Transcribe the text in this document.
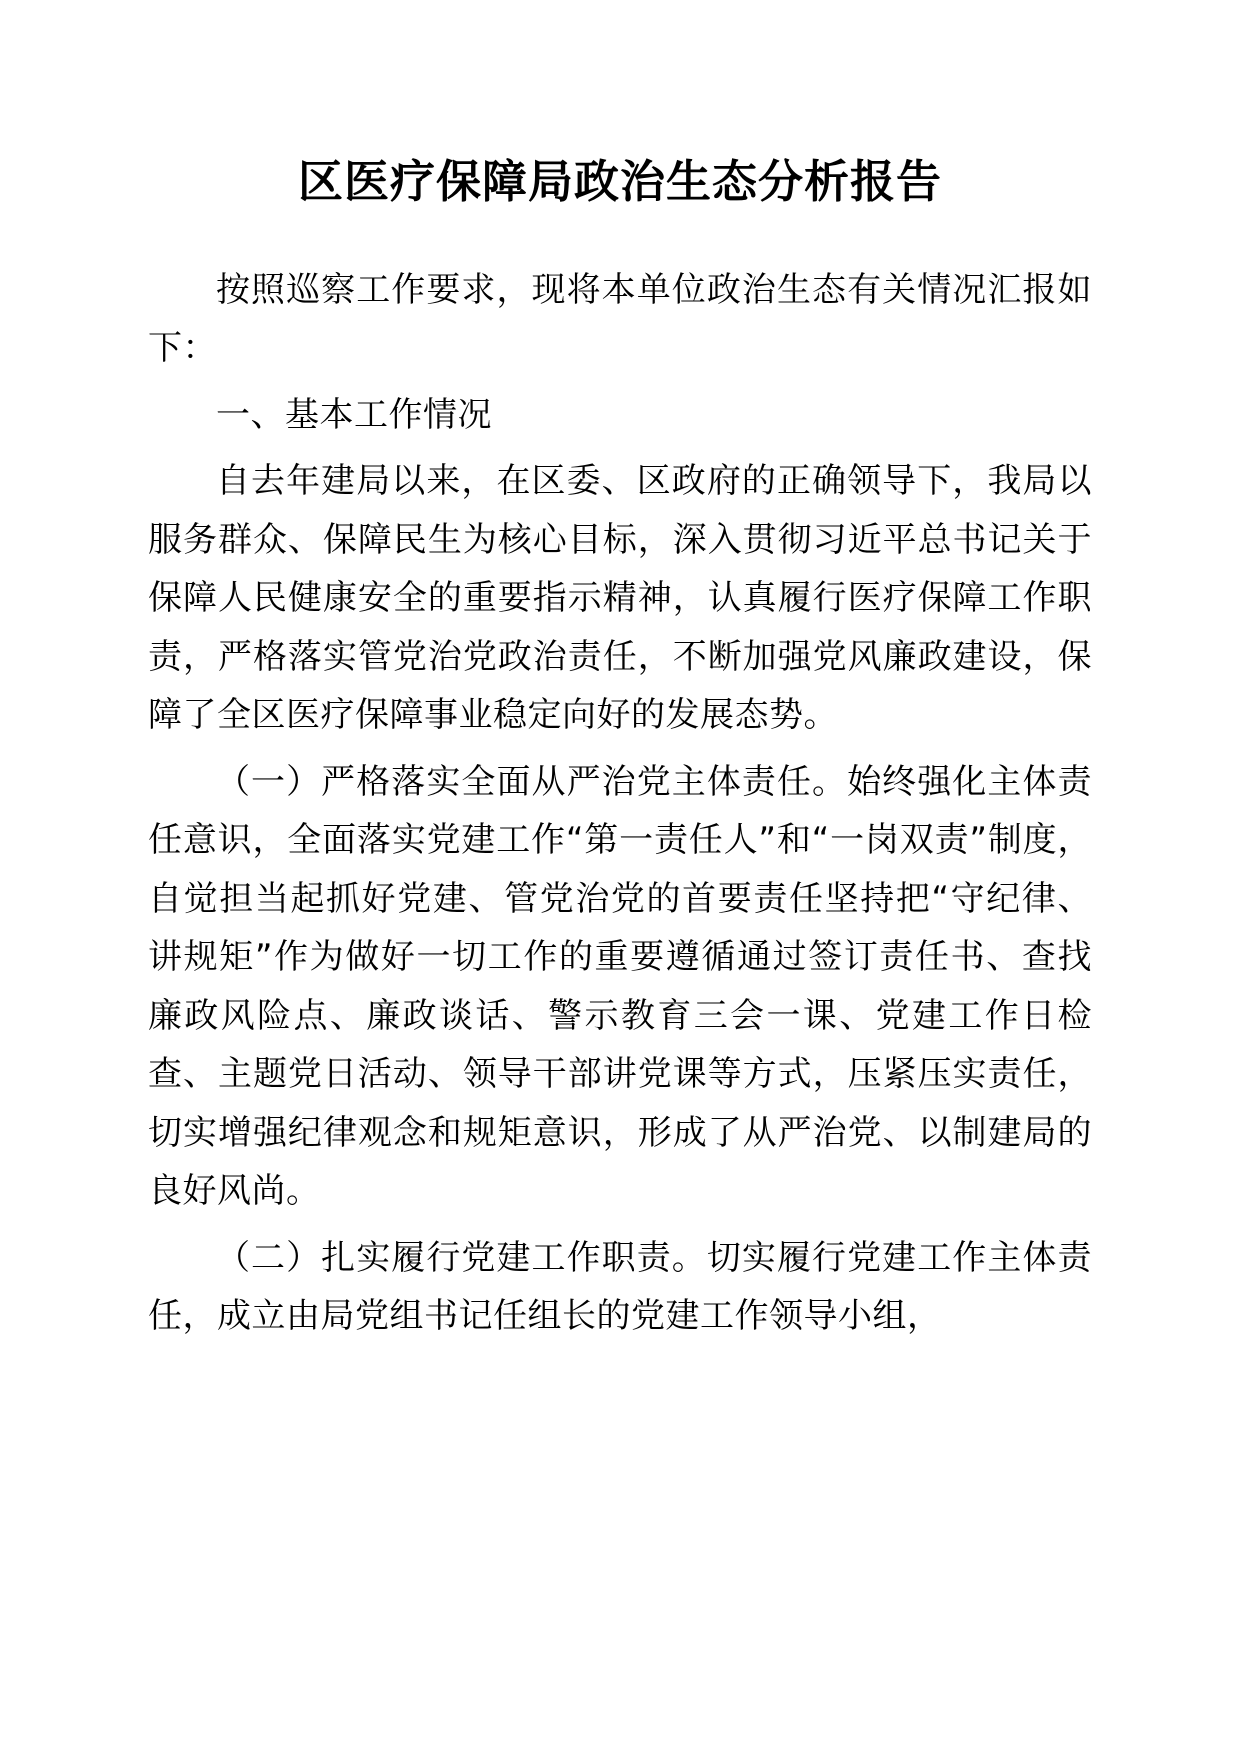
区医疗保障局政治生态分析报告

按照巡察工作要求，现将本单位政治生态有关情况汇报如下：

一、基本工作情况

自去年建局以来，在区委、区政府的正确领导下，我局以服务群众、保障民生为核心目标，深入贯彻习近平总书记关于保障人民健康安全的重要指示精神，认真履行医疗保障工作职责，严格落实管党治党政治责任，不断加强党风廉政建设，保障了全区医疗保障事业稳定向好的发展态势。

（一）严格落实全面从严治党主体责任。始终强化主体责任意识，全面落实党建工作“第一责任人”和“一岗双责”制度，自觉担当起抓好党建、管党治党的首要责任坚持把“守纪律、讲规矩”作为做好一切工作的重要遵循通过签订责任书、查找廉政风险点、廉政谈话、警示教育三会一课、党建工作日检查、主题党日活动、领导干部讲党课等方式，压紧压实责任，切实增强纪律观念和规矩意识，形成了从严治党、以制建局的良好风尚。

（二）扎实履行党建工作职责。切实履行党建工作主体责任，成立由局党组书记任组长的党建工作领导小组，
